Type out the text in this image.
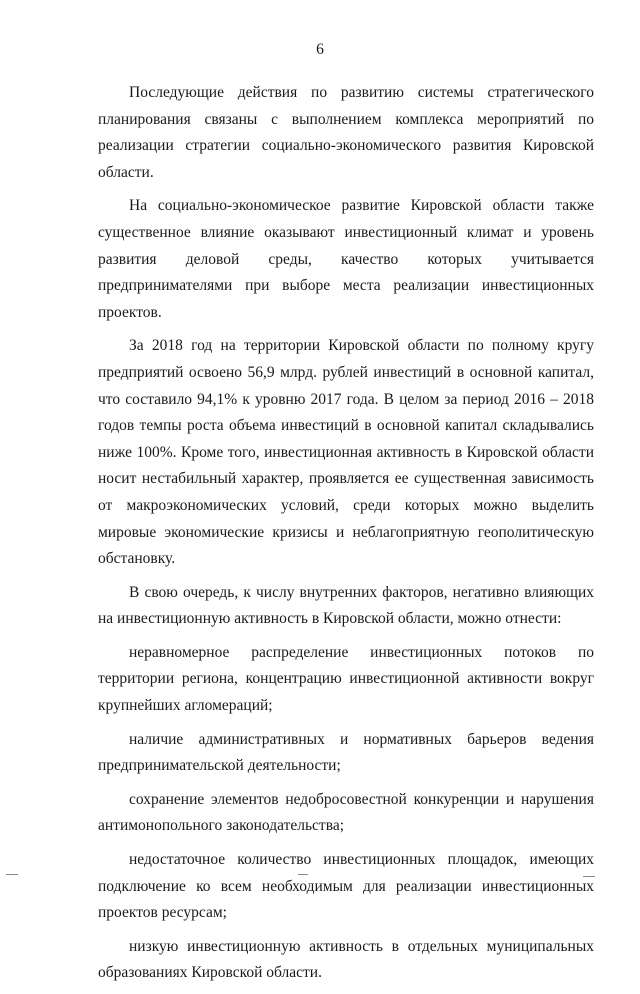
6

Последующие действия по развитию системы стратегического планирования связаны с выполнением комплекса мероприятий по реализации стратегии социально-экономического развития Кировской области.

На социально-экономическое развитие Кировской области также существенное влияние оказывают инвестиционный климат и уровень развития деловой среды, качество которых учитывается предпринимателями при выборе места реализации инвестиционных проектов.

За 2018 год на территории Кировской области по полному кругу предприятий освоено 56,9 млрд. рублей инвестиций в основной капитал, что составило 94,1% к уровню 2017 года. В целом за период 2016 – 2018 годов темпы роста объема инвестиций в основной капитал складывались ниже 100%. Кроме того, инвестиционная активность в Кировской области носит нестабильный характер, проявляется ее существенная зависимость от макроэкономических условий, среди которых можно выделить мировые экономические кризисы и неблагоприятную геополитическую обстановку.

В свою очередь, к числу внутренних факторов, негативно влияющих на инвестиционную активность в Кировской области, можно отнести:

неравномерное распределение инвестиционных потоков по территории региона, концентрацию инвестиционной активности вокруг крупнейших агломераций;

наличие административных и нормативных барьеров ведения предпринимательской деятельности;

сохранение элементов недобросовестной конкуренции и нарушения антимонопольного законодательства;

недостаточное количество инвестиционных площадок, имеющих подключение ко всем необходимым для реализации инвестиционных проектов ресурсам;

низкую инвестиционную активность в отдельных муниципальных образованиях Кировской области.
